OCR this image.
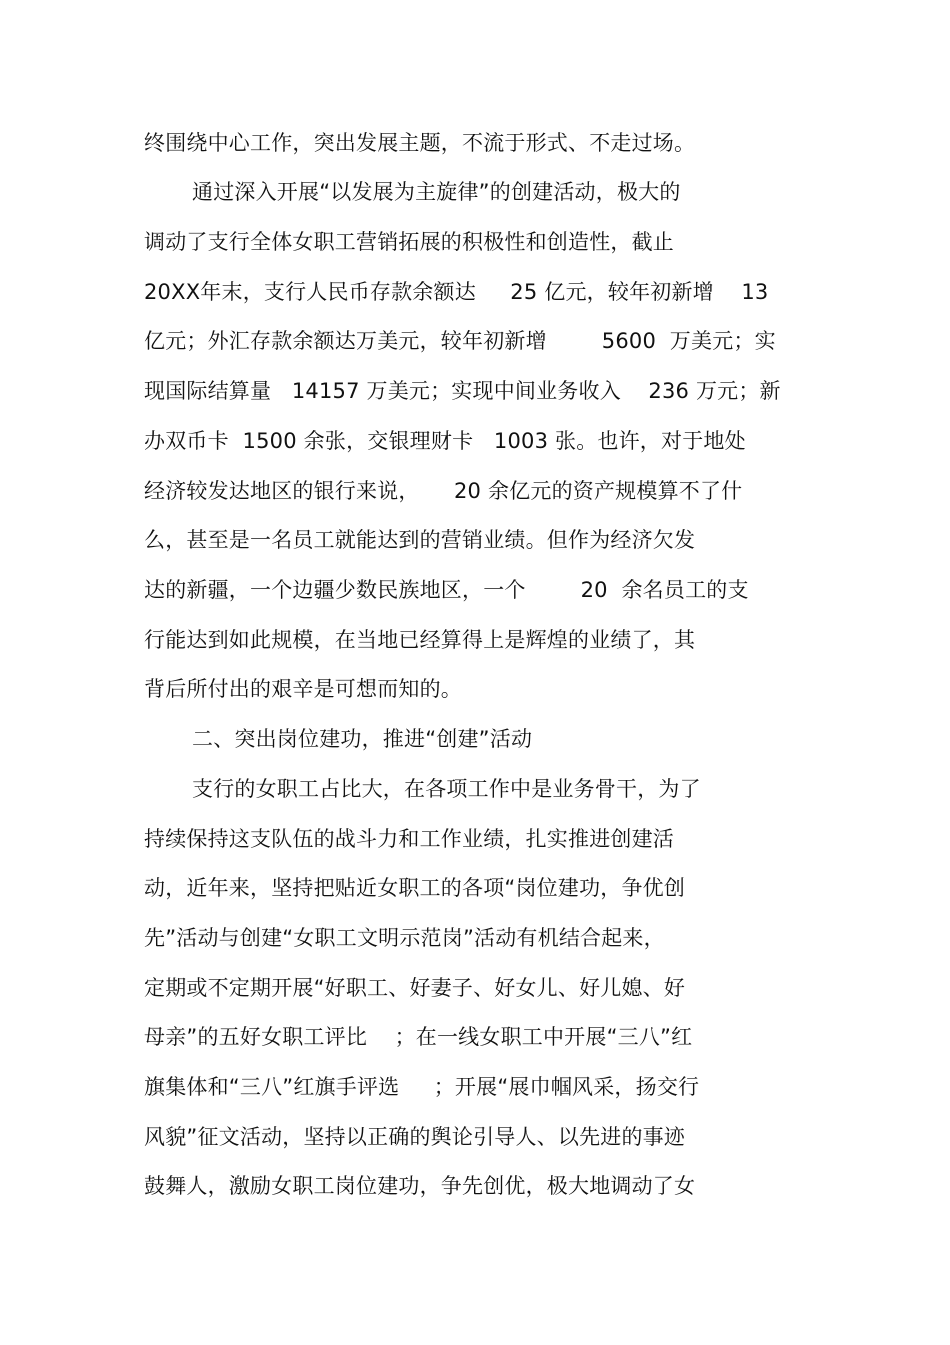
终围绕中心工作，突出发展主题，不流于形式、不走过场。
通过深入开展“以发展为主旋律”的创建活动，极大的
调动了支行全体女职工营销拓展的积极性和创造性，截止
20XX年末，支行人民币存款余额达     25 亿元，较年初新增    13
亿元；外汇存款余额达万美元，较年初新增        5600  万美元；实
现国际结算量   14157 万美元；实现中间业务收入    236 万元；新
办双币卡  1500 余张，交银理财卡   1003 张。也许，对于地处
经济较发达地区的银行来说，     20 余亿元的资产规模算不了什
么，甚至是一名员工就能达到的营销业绩。但作为经济欠发
达的新疆，一个边疆少数民族地区，一个        20  余名员工的支
行能达到如此规模，在当地已经算得上是辉煌的业绩了，其
背后所付出的艰辛是可想而知的。
二、突出岗位建功，推进“创建”活动
支行的女职工占比大，在各项工作中是业务骨干，为了
持续保持这支队伍的战斗力和工作业绩，扎实推进创建活
动，近年来，坚持把贴近女职工的各项“岗位建功，争优创
先”活动与创建“女职工文明示范岗”活动有机结合起来，
定期或不定期开展“好职工、好妻子、好女儿、好儿媳、好
母亲”的五好女职工评比    ；在一线女职工中开展“三八”红
旗集体和“三八”红旗手评选     ；开展“展巾帼风采，扬交行
风貌”征文活动，坚持以正确的舆论引导人、以先进的事迹
鼓舞人，激励女职工岗位建功，争先创优，极大地调动了女
